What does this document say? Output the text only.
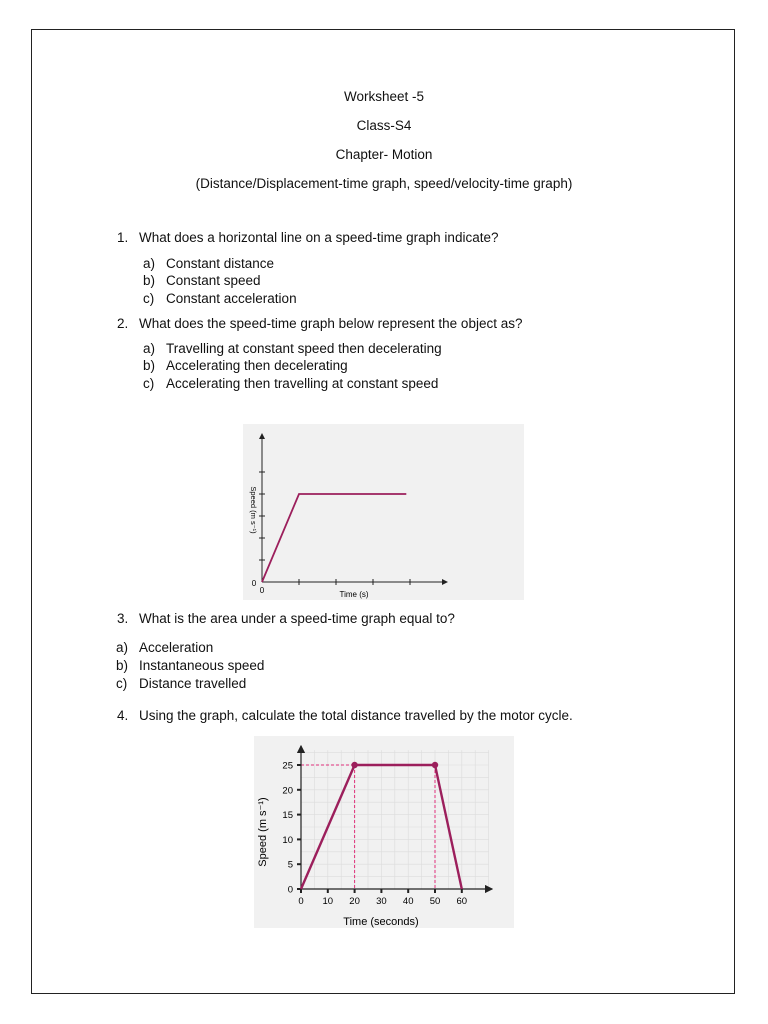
Worksheet -5
Class-S4
Chapter- Motion
(Distance/Displacement-time graph, speed/velocity-time graph)
1. What does a horizontal line on a speed-time graph indicate?
a) Constant distance
b) Constant speed
c) Constant acceleration
2. What does the speed-time graph below represent the object as?
a) Travelling at constant speed then decelerating
b) Accelerating then decelerating
c) Accelerating then travelling at constant speed
0
0	Time (s)
Speed (m s⁻¹)
3. What is the area under a speed-time graph equal to?
a) Acceleration
b) Instantaneous speed
c) Distance travelled
4. Using the graph, calculate the total distance travelled by the motor cycle.
0
5
10
15
20
25
0 10 20 30 40 50 60
Time (seconds)
Speed (m s⁻¹)
